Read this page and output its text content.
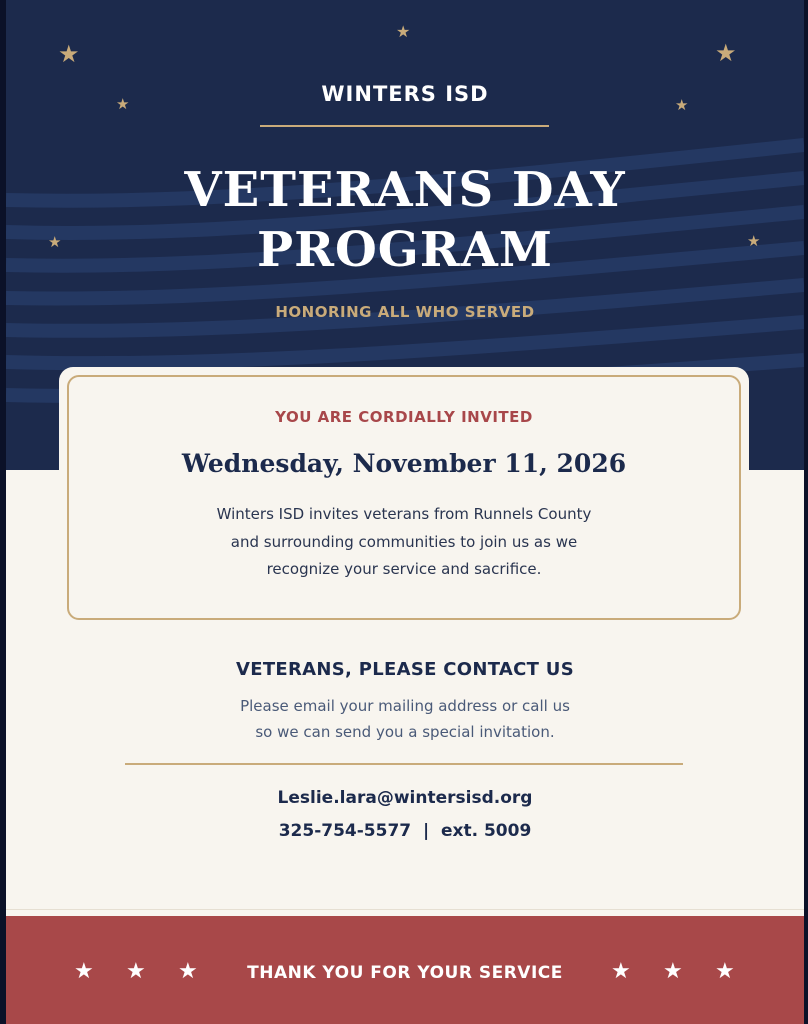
★
★
★
★	★
★	★
WINTERS ISD
VETERANS DAY
PROGRAM
HONORING ALL WHO SERVED
YOU ARE CORDIALLY INVITED
Wednesday, November 11, 2026
Winters ISD invites veterans from Runnels County
and surrounding communities to join us as we
recognize your service and sacrifice.
VETERANS, PLEASE CONTACT US
Please email your mailing address or call us
so we can send you a special invitation.
Leslie.lara@wintersisd.org
325-754-5577  |  ext. 5009
★ ★ ★	THANK YOU FOR YOUR SERVICE	★ ★ ★
